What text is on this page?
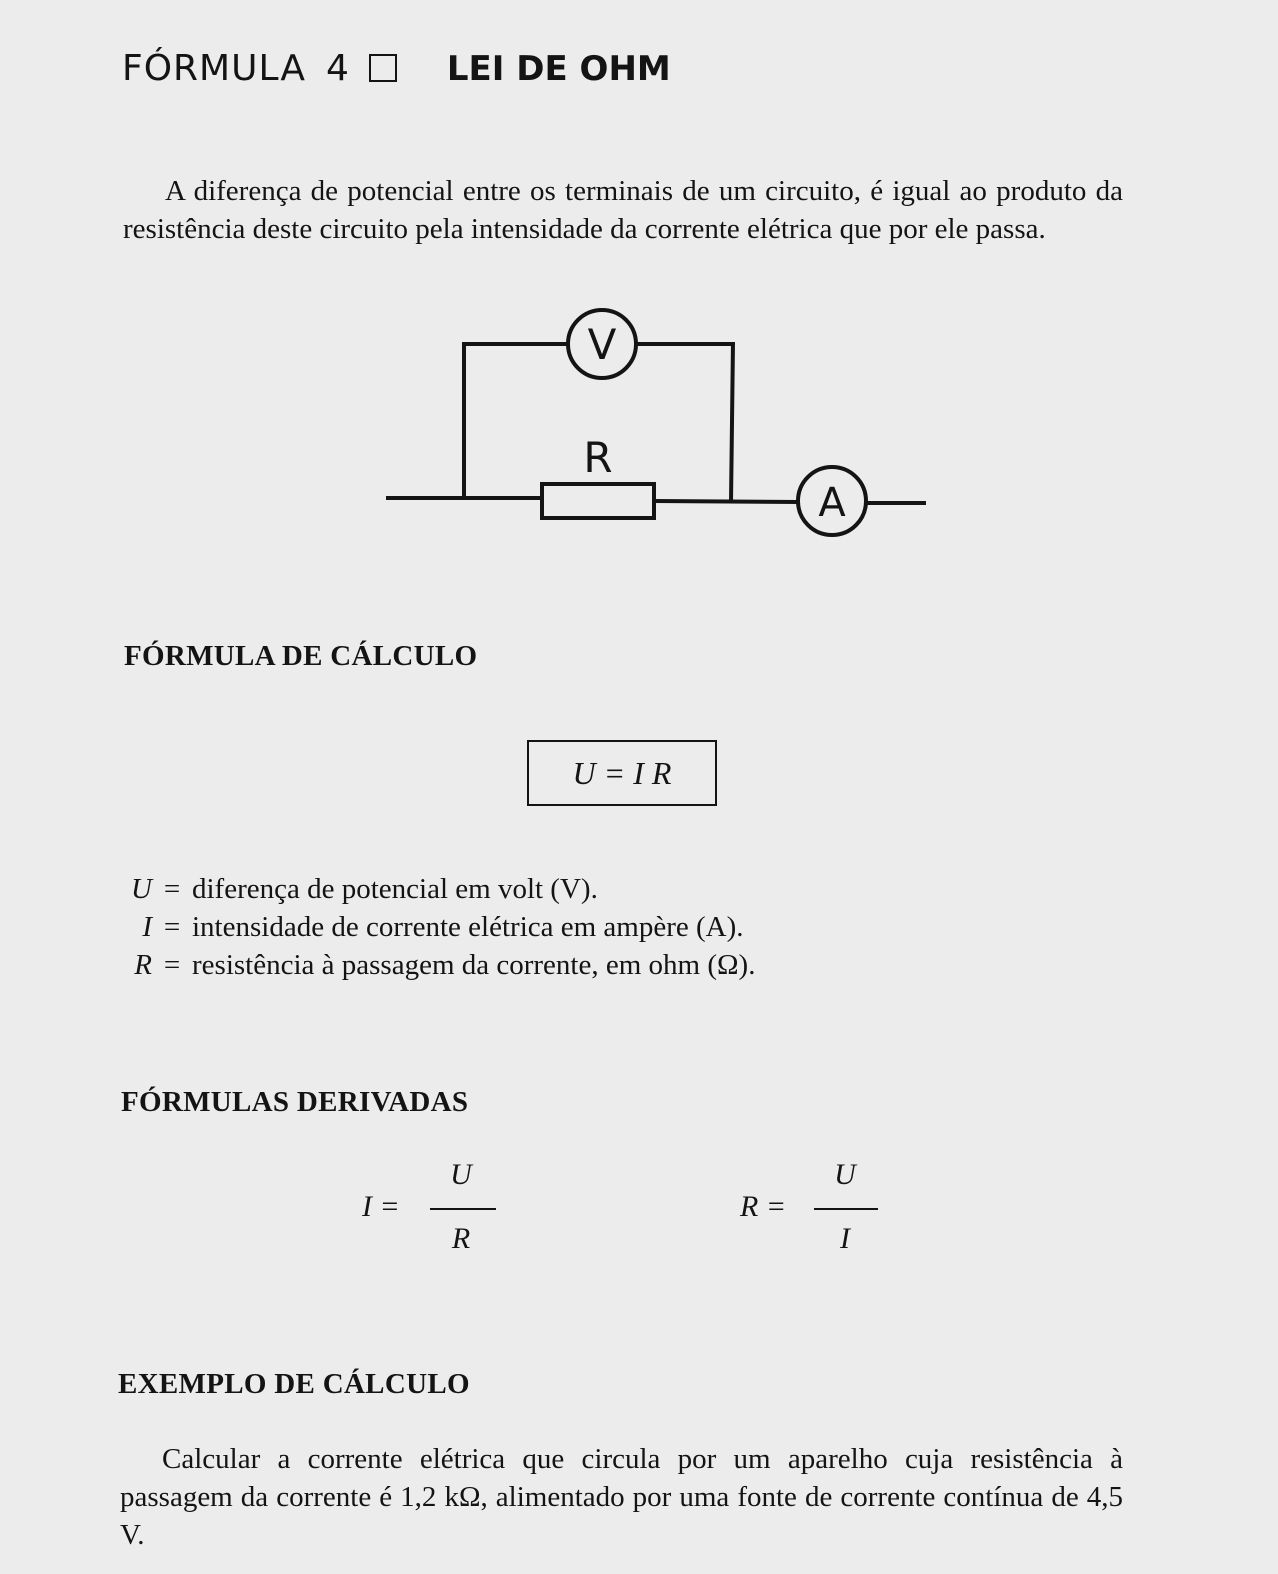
FÓRMULA 4	LEI DE OHM
A diferença de potencial entre os terminais de um circuito, é igual ao produto da resistência deste circuito pela intensidade da corrente elétrica que por ele passa.
V
A
R
FÓRMULA DE CÁLCULO
U = I R
U = diferença de potencial em volt (V).
I = intensidade de corrente elétrica em ampère (A).
R = resistência à passagem da corrente, em ohm (Ω).
FÓRMULAS DERIVADAS
I =
U
R
R =
U
I
EXEMPLO DE CÁLCULO
Calcular a corrente elétrica que circula por um aparelho cuja resistência à passagem da corrente é 1,2 kΩ, alimentado por uma fonte de corrente contínua de 4,5 V.
